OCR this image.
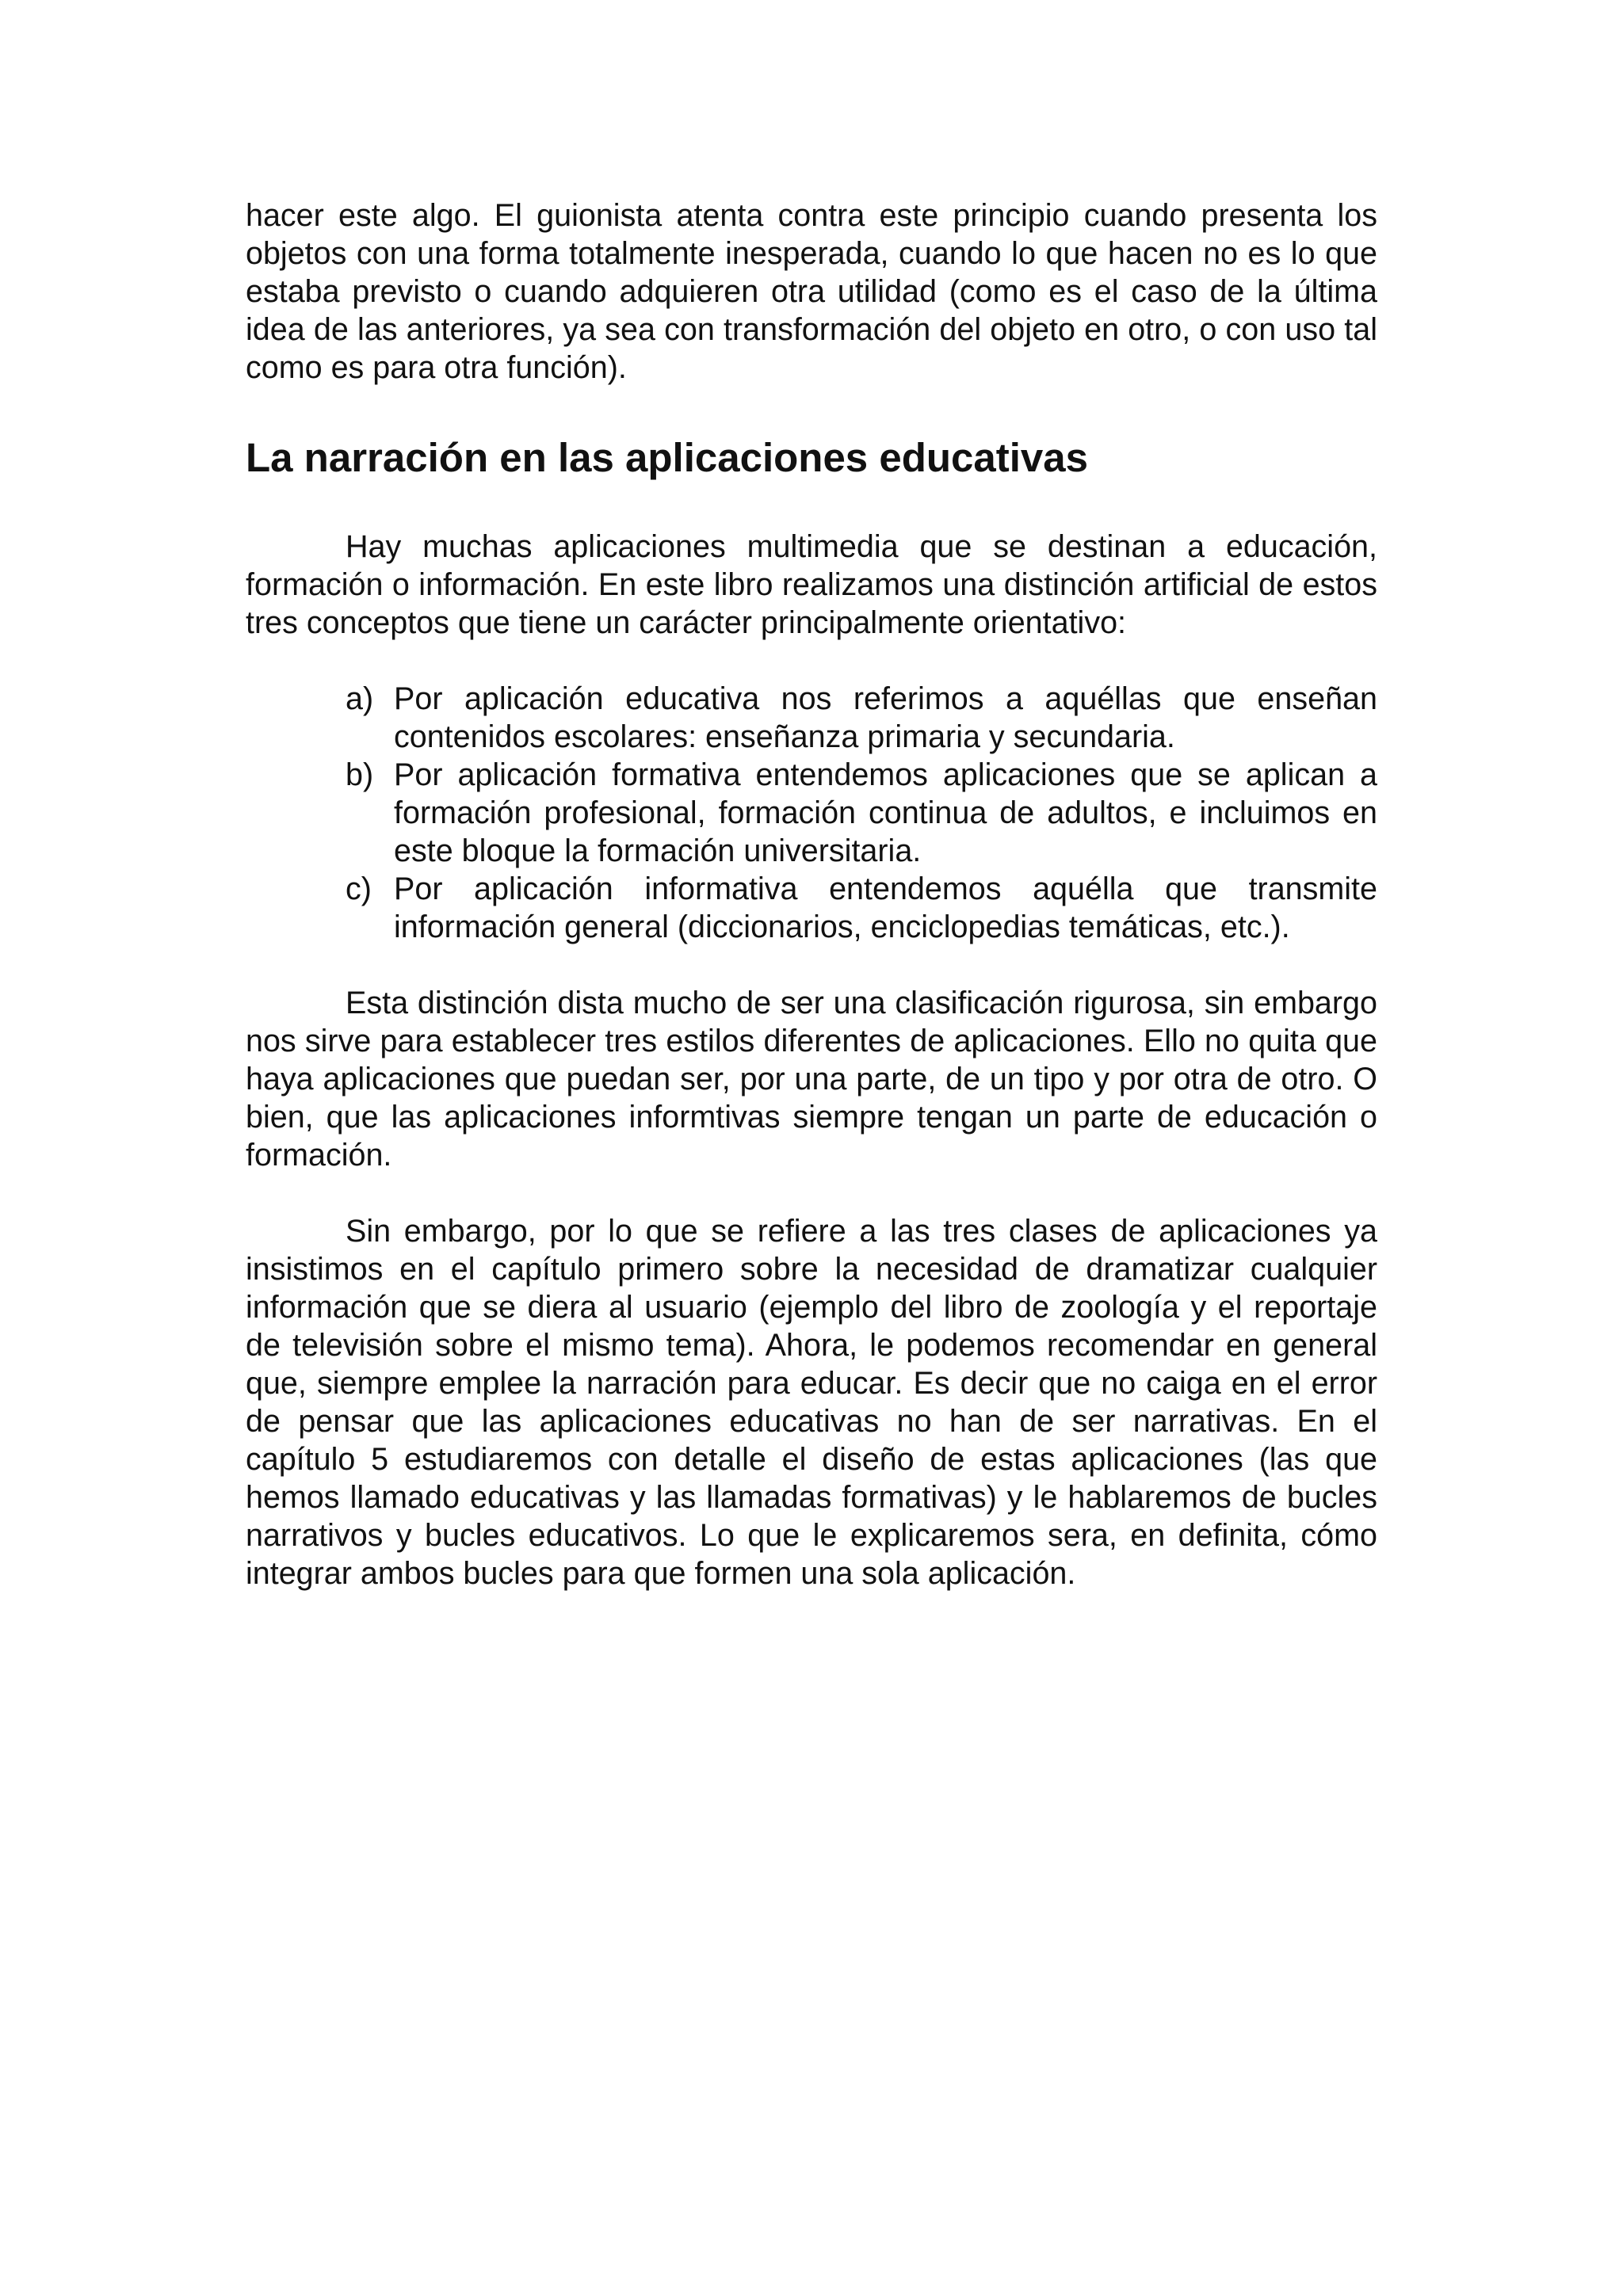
hacer este algo. El guionista atenta contra este principio cuando presenta los objetos con una forma totalmente inesperada, cuando lo que hacen no es lo que estaba previsto o cuando adquieren otra utilidad (como es el caso de la última idea de las anteriores, ya sea con transformación del objeto en otro, o con uso tal como es para otra función).

La narración en las aplicaciones educativas

Hay muchas aplicaciones multimedia que se destinan a educación, formación o información. En este libro realizamos una distinción artificial de estos tres conceptos que tiene un carácter principalmente orientativo:

a) Por aplicación educativa nos referimos a aquéllas que enseñan contenidos escolares: enseñanza primaria y secundaria.
b) Por aplicación formativa entendemos aplicaciones que se aplican a formación profesional, formación continua de adultos, e incluimos en este bloque la formación universitaria.
c) Por aplicación informativa entendemos aquélla que transmite información general (diccionarios, enciclopedias temáticas, etc.).

Esta distinción dista mucho de ser una clasificación rigurosa, sin embargo nos sirve para establecer tres estilos diferentes de aplicaciones. Ello no quita que haya aplicaciones que puedan ser, por una parte, de un tipo y por otra de otro. O bien, que las aplicaciones informtivas siempre tengan un parte de educación o formación.

Sin embargo, por lo que se refiere a las tres clases de aplicaciones ya insistimos en el capítulo primero sobre la necesidad de dramatizar cualquier información que se diera al usuario (ejemplo del libro de zoología y el reportaje de televisión sobre el mismo tema). Ahora, le podemos recomendar en general que, siempre emplee la narración para educar. Es decir que no caiga en el error de pensar que las aplicaciones educativas no han de ser narrativas. En el capítulo 5 estudiaremos con detalle el diseño de estas aplicaciones (las que hemos llamado educativas y las llamadas formativas) y le hablaremos de bucles narrativos y bucles educativos. Lo que le explicaremos sera, en definita, cómo integrar ambos bucles para que formen una sola aplicación.
